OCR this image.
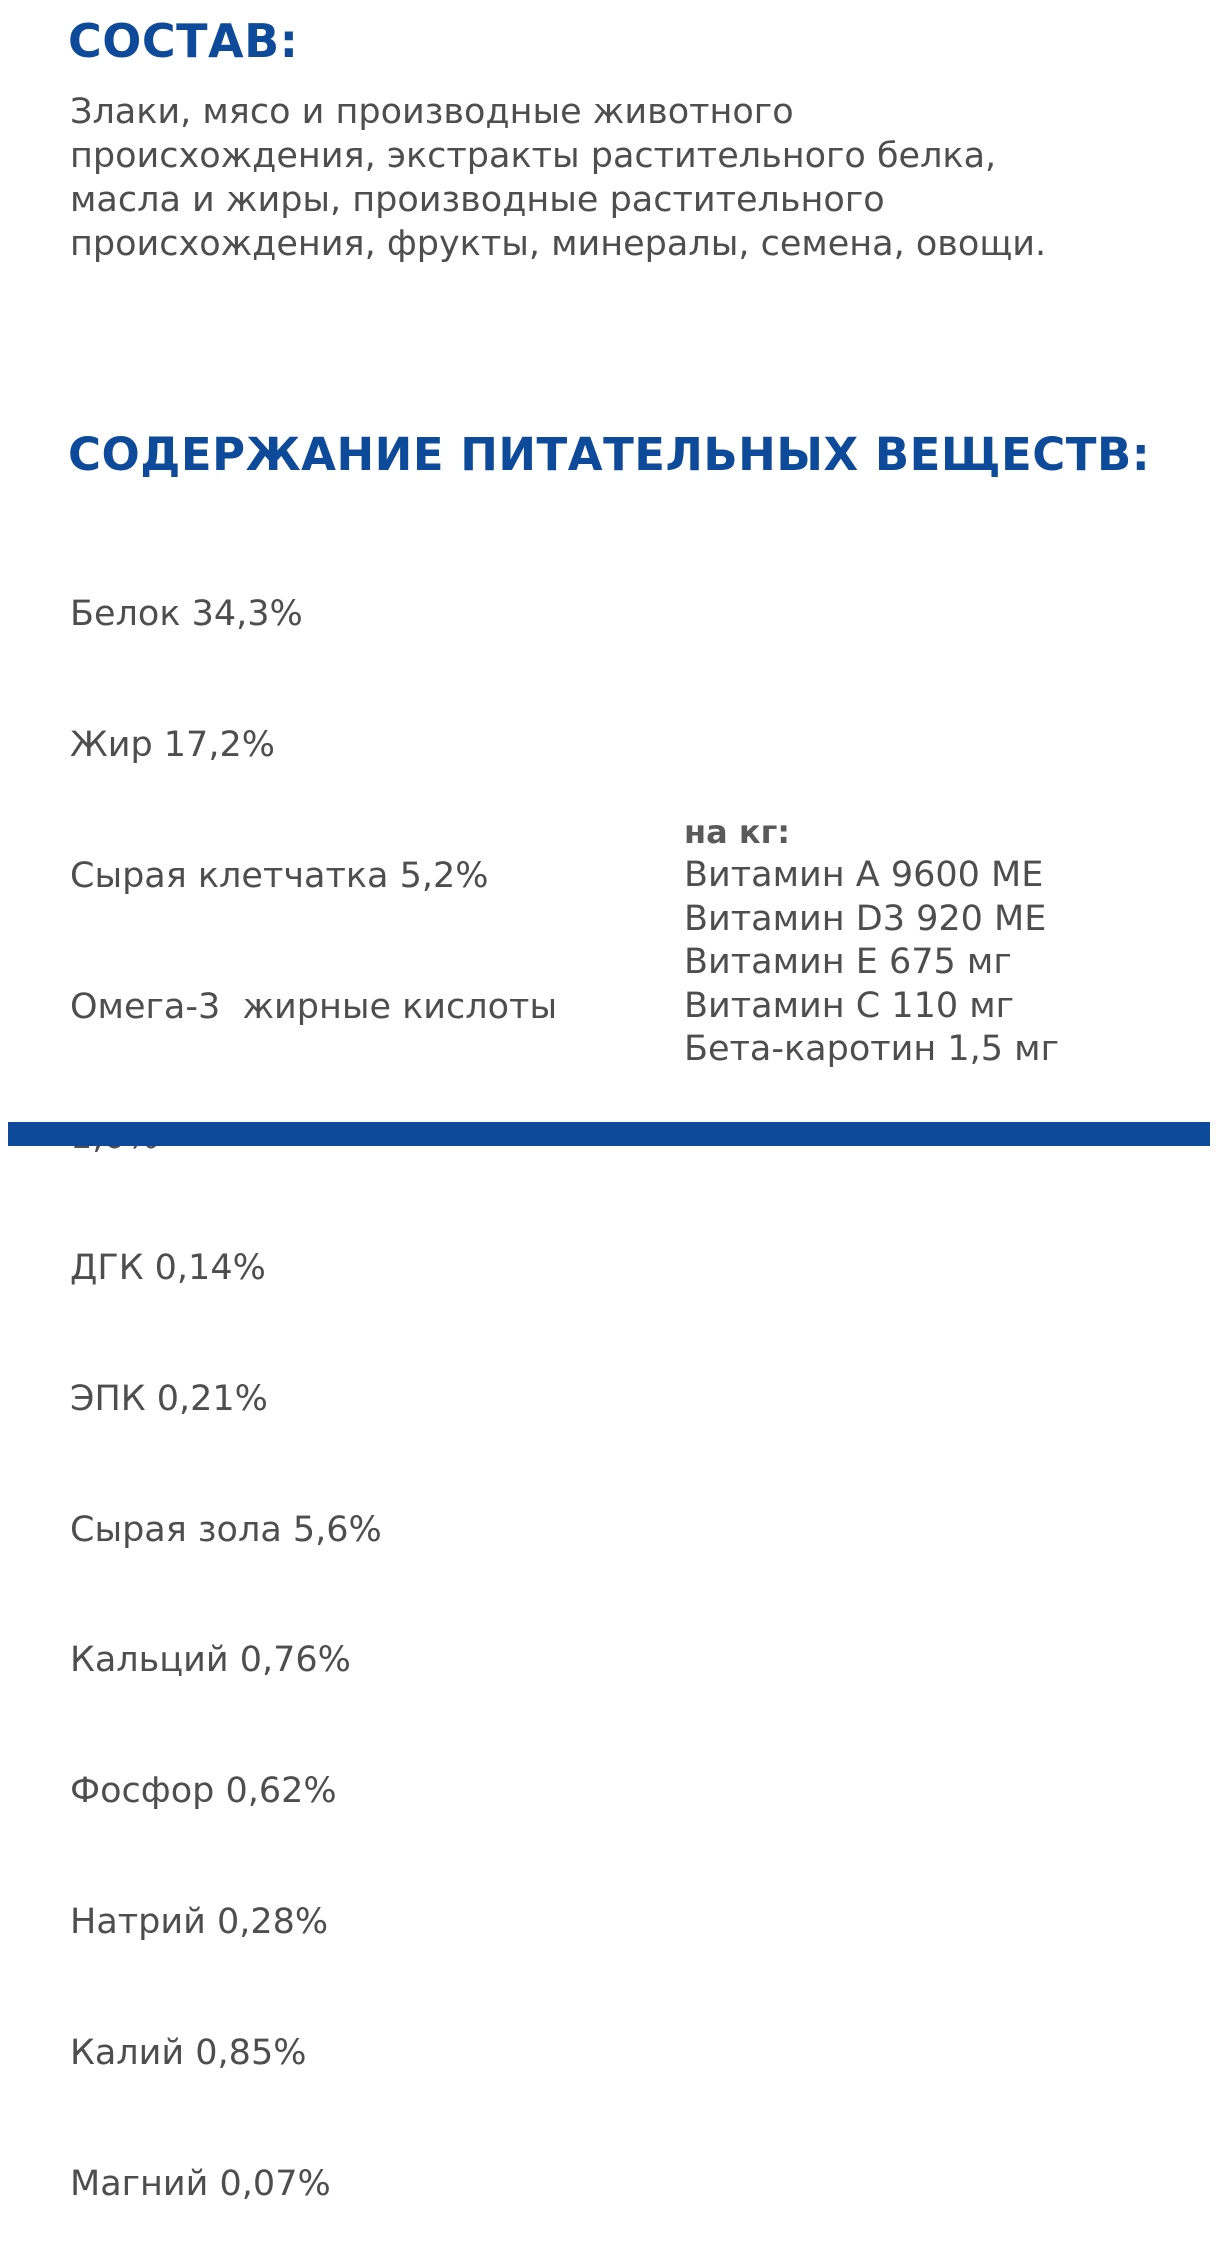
СОСТАВ:

Злаки, мясо и производные животного происхождения, экстракты растительного белка, масла и жиры, производные растительного происхождения, фрукты, минералы, семена, овощи.

СОДЕРЖАНИЕ ПИТАТЕЛЬНЫХ ВЕЩЕСТВ:

Белок 34,3%

Жир 17,2%

Сырая клетчатка 5,2%

Омега-3  жирные кислоты

ДГК 0,14%

ЭПК 0,21%

Сырая зола 5,6%

Кальций 0,76%

Фосфор 0,62%

Натрий 0,28%

Калий 0,85%

Магний 0,07%

на кг:

Витамин А 9600 МЕ
Витамин D3 920 МЕ
Витамин Е 675 мг
Витамин С 110 мг
Бета-каротин 1,5 мг
